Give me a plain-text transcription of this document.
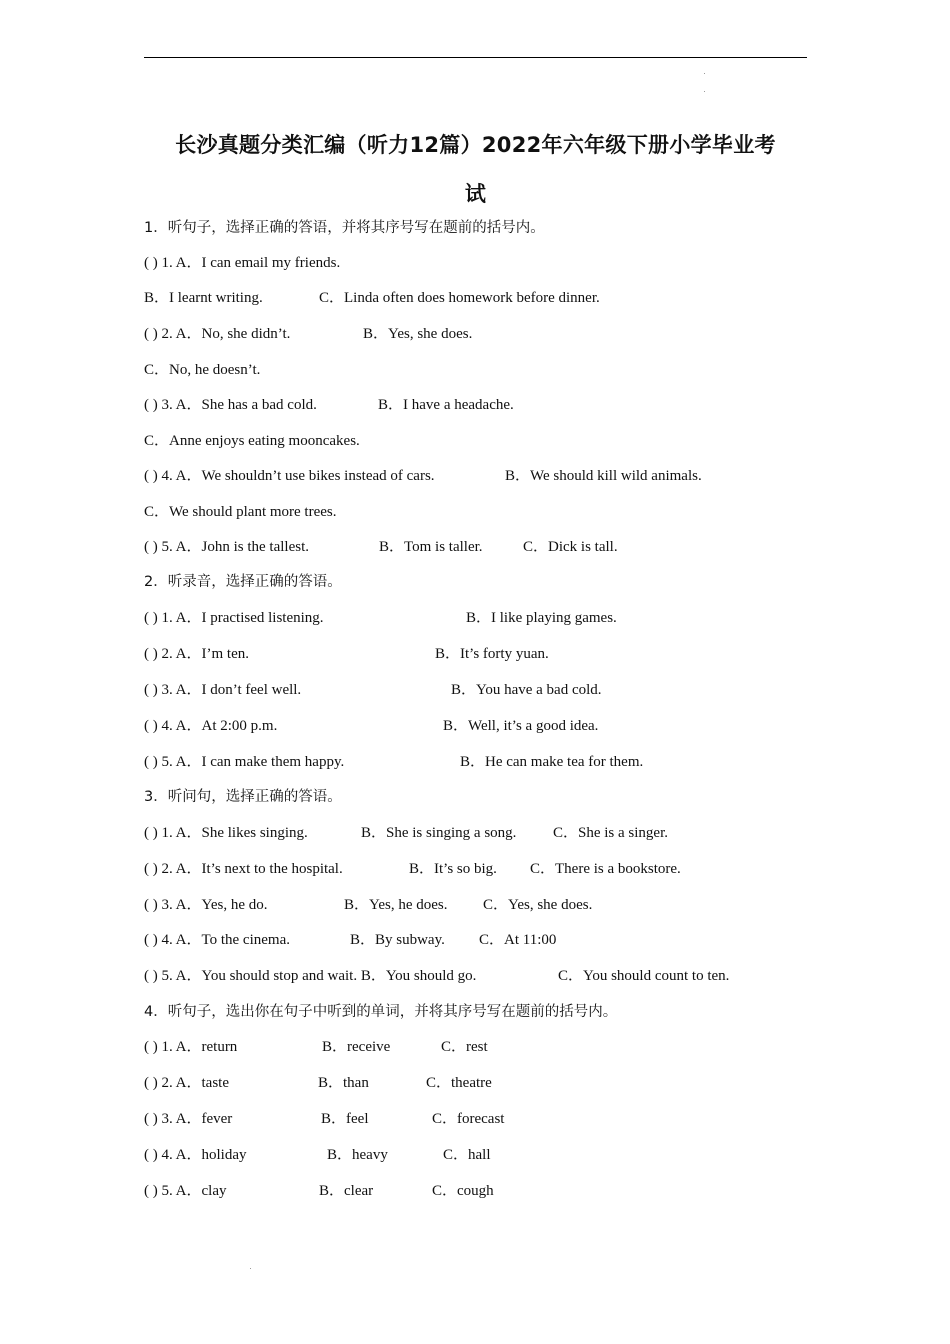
长沙真题分类汇编（听力12篇）2022年六年级下册小学毕业考
试
1．听句子，选择正确的答语，并将其序号写在题前的括号内。
( ) 1. A．I can email my friends.
B．I learnt writing.	C．Linda often does homework before dinner.
( ) 2. A．No, she didn’t.	B．Yes, she does.
C．No, he doesn’t.
( ) 3. A．She has a bad cold.	B．I have a headache.
C．Anne enjoys eating mooncakes.
( ) 4. A．We shouldn’t use bikes instead of cars.	B．We should kill wild animals.
C．We should plant more trees.
( ) 5. A．John is the tallest.	B．Tom is taller.	C．Dick is tall.
2．听录音，选择正确的答语。
( ) 1. A．I practised listening.	B．I like playing games.
( ) 2. A．I’m ten.	B．It’s forty yuan.
( ) 3. A．I don’t feel well.	B．You have a bad cold.
( ) 4. A．At 2:00 p.m.	B．Well, it’s a good idea.
( ) 5. A．I can make them happy.	B．He can make tea for them.
3．听问句，选择正确的答语。
( ) 1. A．She likes singing.	B．She is singing a song. C．She is a singer.
( ) 2. A．It’s next to the hospital.	B．It’s so big. C．There is a bookstore.
( ) 3. A．Yes, he do.	B．Yes, he does. C．Yes, she does.
( ) 4. A．To the cinema.	B．By subway. C．At 11:00
( ) 5. A．You should stop and wait. B．You should go.	C．You should count to ten.
4．听句子，选出你在句子中听到的单词，并将其序号写在题前的括号内。
( ) 1. A．return	B．receive	C．rest
( ) 2. A．taste	B．than	C．theatre
( ) 3. A．fever	B．feel	C．forecast
( ) 4. A．holiday	B．heavy	C．hall
( ) 5. A．clay	B．clear	C．cough
